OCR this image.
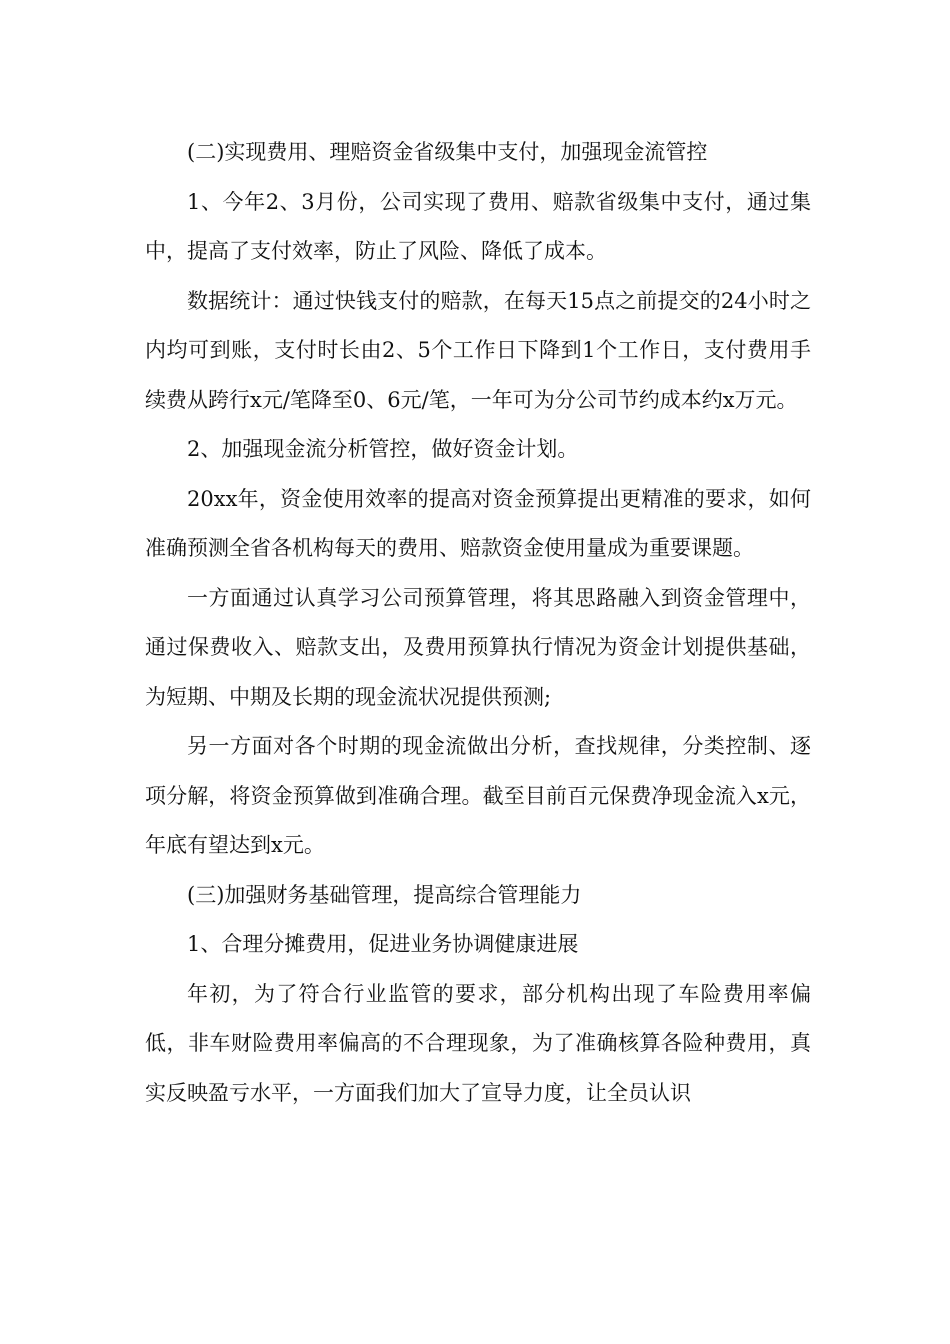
(二)实现费用、理赔资金省级集中支付，加强现金流管控

1、今年2、3月份，公司实现了费用、赔款省级集中支付，通过集中，提高了支付效率，防止了风险、降低了成本。

数据统计：通过快钱支付的赔款，在每天15点之前提交的24小时之内均可到账，支付时长由2、5个工作日下降到1个工作日，支付费用手续费从跨行x元/笔降至0、6元/笔，一年可为分公司节约成本约x万元。

2、加强现金流分析管控，做好资金计划。

20xx年，资金使用效率的提高对资金预算提出更精准的要求，如何准确预测全省各机构每天的费用、赔款资金使用量成为重要课题。

一方面通过认真学习公司预算管理，将其思路融入到资金管理中，通过保费收入、赔款支出，及费用预算执行情况为资金计划提供基础，为短期、中期及长期的现金流状况提供预测;

另一方面对各个时期的现金流做出分析，查找规律，分类控制、逐项分解，将资金预算做到准确合理。截至目前百元保费净现金流入x元，年底有望达到x元。

(三)加强财务基础管理，提高综合管理能力

1、合理分摊费用，促进业务协调健康进展

年初，为了符合行业监管的要求，部分机构出现了车险费用率偏低，非车财险费用率偏高的不合理现象，为了准确核算各险种费用，真实反映盈亏水平，一方面我们加大了宣导力度，让全员认识
